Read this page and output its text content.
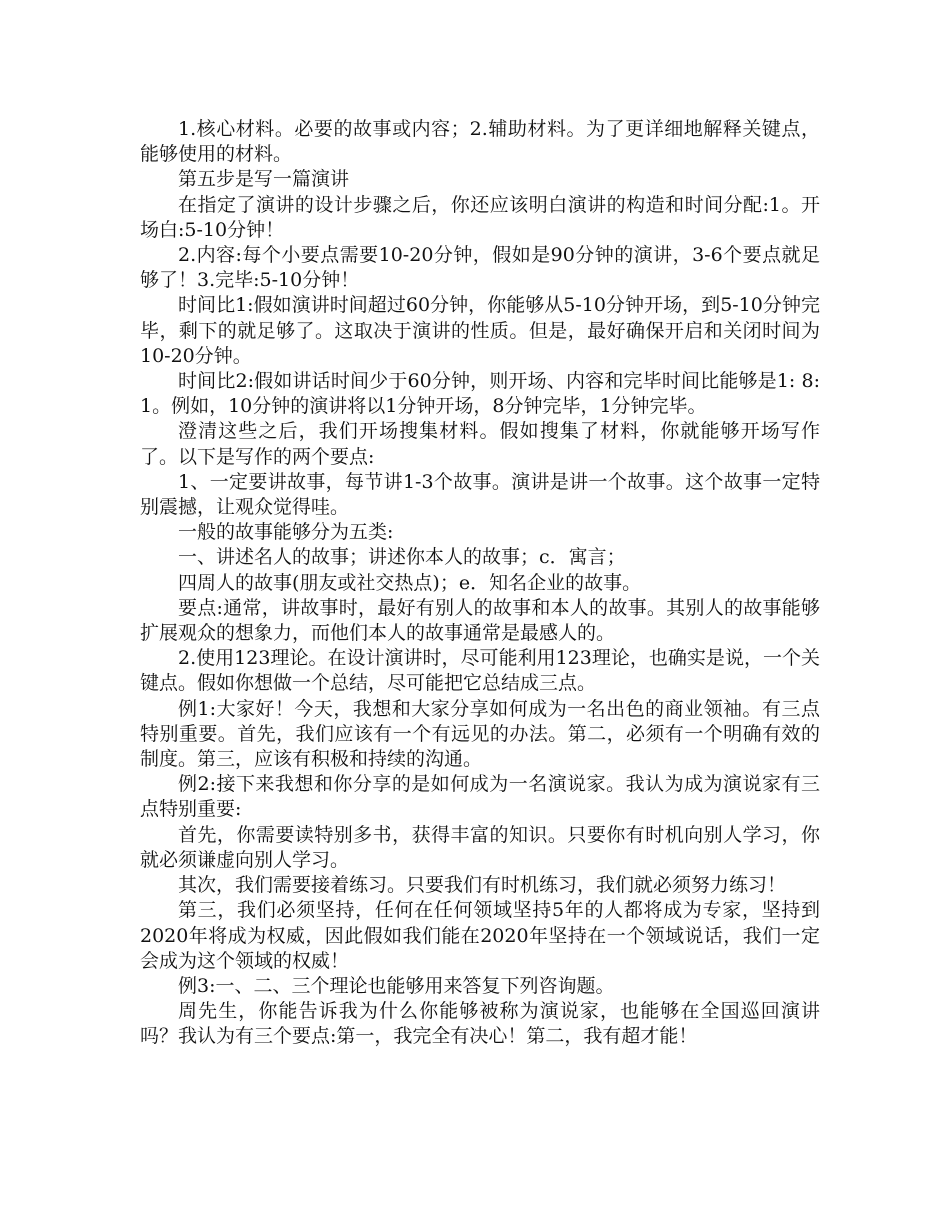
1.核心材料。必要的故事或内容；2.辅助材料。为了更详细地解释关键点，能够使用的材料。

第五步是写一篇演讲

在指定了演讲的设计步骤之后，你还应该明白演讲的构造和时间分配:1。开场白:5-10分钟！

2.内容:每个小要点需要10-20分钟，假如是90分钟的演讲，3-6个要点就足够了！3.完毕:5-10分钟！

时间比1:假如演讲时间超过60分钟，你能够从5-10分钟开场，到5-10分钟完毕，剩下的就足够了。这取决于演讲的性质。但是，最好确保开启和关闭时间为10-20分钟。

时间比2:假如讲话时间少于60分钟，则开场、内容和完毕时间比能够是1: 8: 1。例如，10分钟的演讲将以1分钟开场，8分钟完毕，1分钟完毕。

澄清这些之后，我们开场搜集材料。假如搜集了材料，你就能够开场写作了。以下是写作的两个要点:

1、一定要讲故事，每节讲1-3个故事。演讲是讲一个故事。这个故事一定特别震撼，让观众觉得哇。

一般的故事能够分为五类:

一、讲述名人的故事；讲述你本人的故事；c．寓言；

四周人的故事(朋友或社交热点)；e．知名企业的故事。

要点:通常，讲故事时，最好有别人的故事和本人的故事。其别人的故事能够扩展观众的想象力，而他们本人的故事通常是最感人的。

2.使用123理论。在设计演讲时，尽可能利用123理论，也确实是说，一个关键点。假如你想做一个总结，尽可能把它总结成三点。

例1:大家好！今天，我想和大家分享如何成为一名出色的商业领袖。有三点特别重要。首先，我们应该有一个有远见的办法。第二，必须有一个明确有效的制度。第三，应该有积极和持续的沟通。

例2:接下来我想和你分享的是如何成为一名演说家。我认为成为演说家有三点特别重要:

首先，你需要读特别多书，获得丰富的知识。只要你有时机向别人学习，你就必须谦虚向别人学习。

其次，我们需要接着练习。只要我们有时机练习，我们就必须努力练习！

第三，我们必须坚持，任何在任何领域坚持5年的人都将成为专家，坚持到2020年将成为权威，因此假如我们能在2020年坚持在一个领域说话，我们一定会成为这个领域的权威！

例3:一、二、三个理论也能够用来答复下列咨询题。

周先生，你能告诉我为什么你能够被称为演说家，也能够在全国巡回演讲吗？我认为有三个要点:第一，我完全有决心！第二，我有超才能！
